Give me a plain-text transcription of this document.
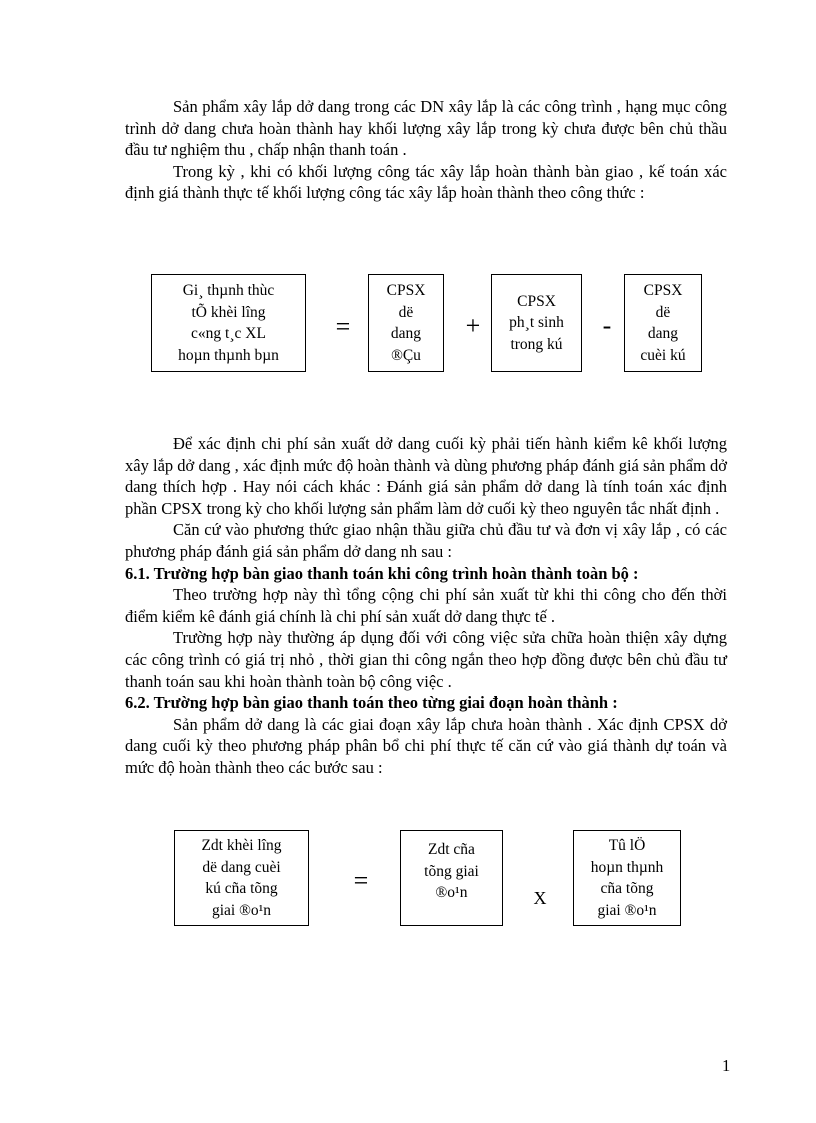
Sản phẩm xây lắp dở dang trong các DN xây lắp là các công trình , hạng mục công trình dở dang chưa hoàn thành hay khối lượng xây lắp trong kỳ chưa được bên chủ thầu đầu tư nghiệm thu , chấp nhận thanh toán .

Trong kỳ , khi có khối lượng công tác xây lắp hoàn thành bàn giao , kế toán xác định giá thành thực tế khối lượng công tác xây lắp hoàn thành theo công thức :

Gi¸ thµnh thùc
tÕ khèi lîng
c«ng t¸c XL
hoµn thµnh bµn
=
CPSX
dë
dang
®Çu
+
CPSX
ph¸t sinh
trong kú
-
CPSX
dë
dang
cuèi kú

Để xác định chi phí sản xuất dở dang cuối kỳ phải tiến hành kiểm kê khối lượng xây lắp dở dang , xác định mức độ hoàn thành và dùng phương pháp đánh giá sản phẩm dở dang thích hợp . Hay nói cách khác : Đánh giá sản phẩm dở dang là tính toán xác định phần CPSX trong kỳ cho khối lượng sản phẩm làm dở cuối kỳ theo nguyên tắc nhất định .

Căn cứ vào phương thức giao nhận thầu giữa chủ đầu tư và đơn vị xây lắp , có các phương pháp đánh giá sản phẩm dở dang nh sau :

6.1. Trường hợp bàn giao thanh toán khi công trình hoàn thành toàn bộ :

Theo trường hợp này thì tổng cộng chi phí sản xuất từ khi thi công cho đến thời điểm kiểm kê đánh giá chính là chi phí sản xuất dở dang thực tế .

Trường hợp này thường áp dụng đối với công việc sửa chữa hoàn thiện xây dựng các công trình có giá trị nhỏ , thời gian thi công ngắn theo hợp đồng được bên chủ đầu tư thanh toán sau khi hoàn thành toàn bộ công việc .

6.2. Trường hợp bàn giao thanh toán theo từng giai đoạn hoàn thành :

Sản phẩm dở dang là các giai đoạn xây lắp chưa hoàn thành . Xác định CPSX dở dang cuối kỳ theo phương pháp phân bổ chi phí thực tế căn cứ vào giá thành dự toán và mức độ hoàn thành theo các bước sau :

Zdt khèi lîng
dë dang cuèi
kú cña tõng
giai ®o¹n
=
Zdt cña
tõng giai
®o¹n	X
Tû lÖ
hoµn thµnh
cña tõng
giai ®o¹n
1
